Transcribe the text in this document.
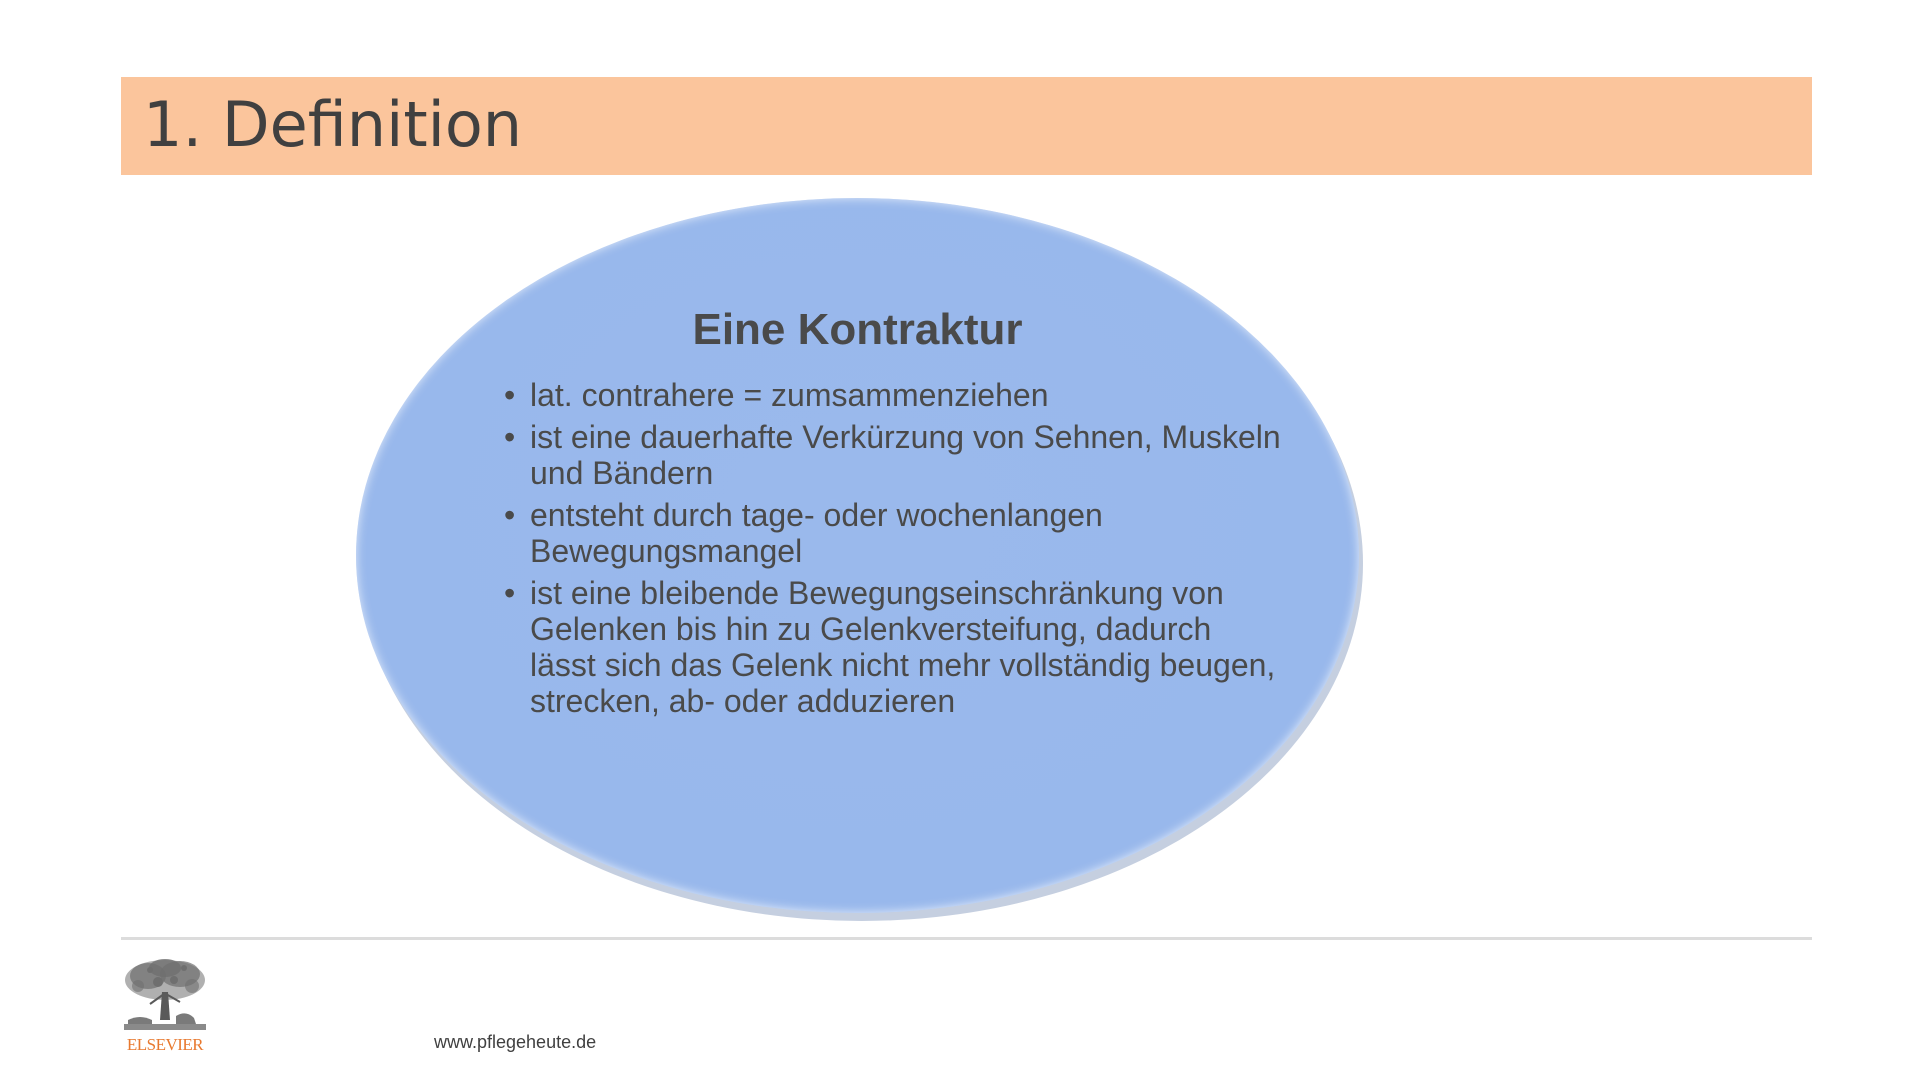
1. Definition
Eine Kontraktur
• lat. contrahere = zumsammenziehen
• ist eine dauerhafte Verkürzung von Sehnen, Muskeln und Bändern
• entsteht durch tage- oder wochenlangen Bewegungsmangel
• ist eine bleibende Bewegungseinschränkung von Gelenken bis hin zu Gelenkversteifung, dadurch lässt sich das Gelenk nicht mehr vollständig beugen, strecken, ab- oder adduzieren
ELSEVIER	www.pflegeheute.de
